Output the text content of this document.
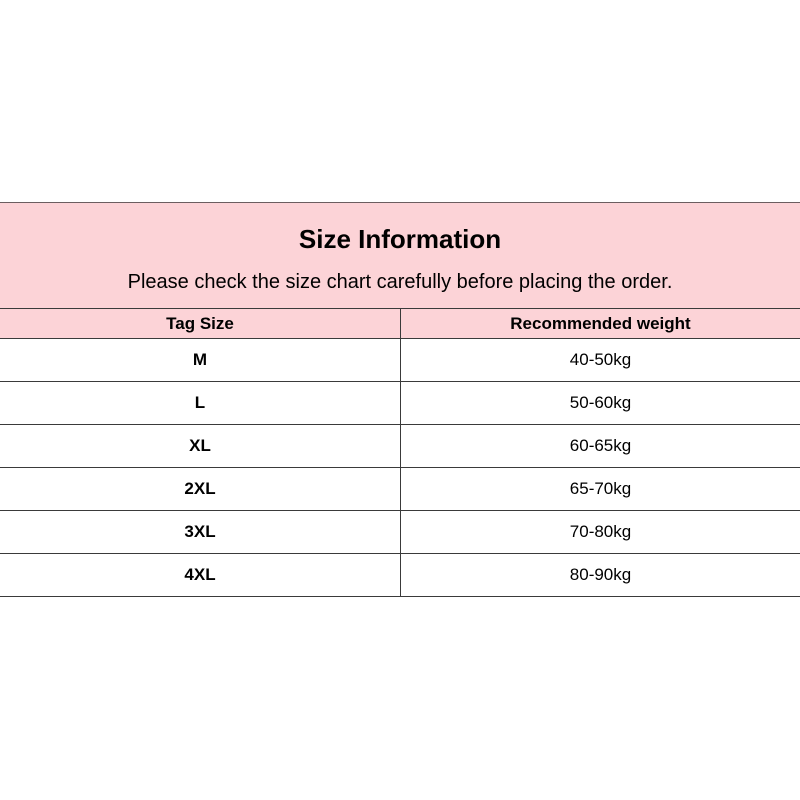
Size Information
Please check the size chart carefully before placing the order.
Tag Size	Recommended weight
M	40-50kg
L	50-60kg
XL	60-65kg
2XL	65-70kg
3XL	70-80kg
4XL	80-90kg
